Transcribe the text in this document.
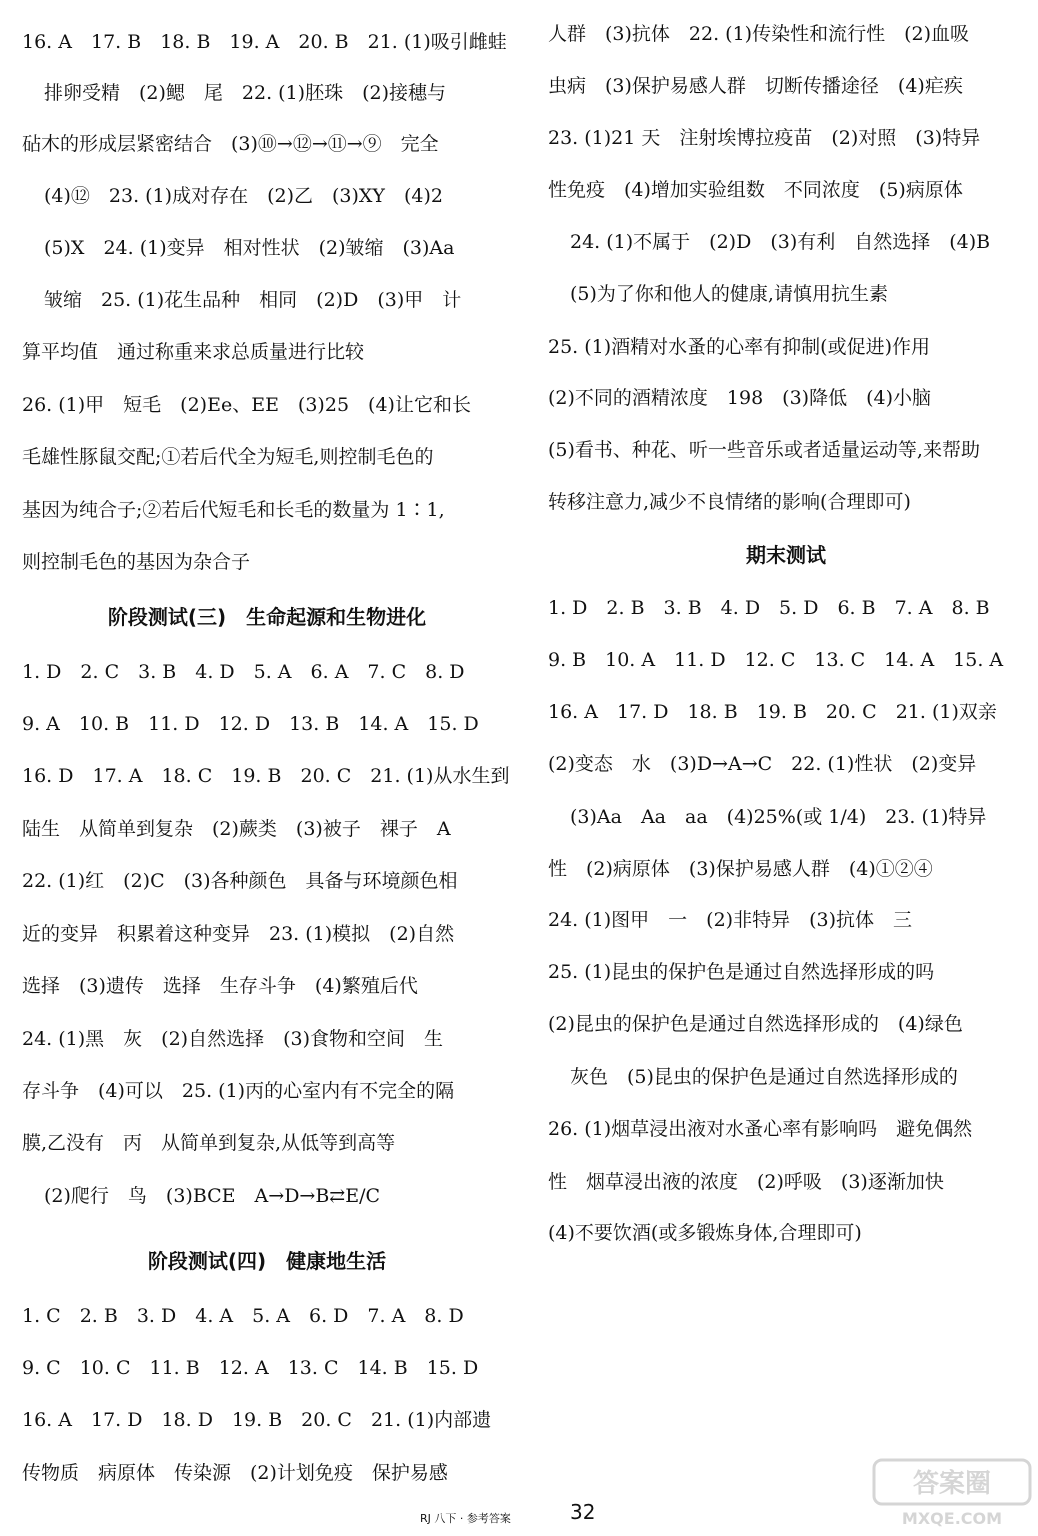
16. A　17. B　18. B　19. A　20. B　21. (1)吸引雌蛙
排卵受精　(2)鳃　尾　22. (1)胚珠　(2)接穗与
砧木的形成层紧密结合　(3)⑩→⑫→⑪→⑨　完全
(4)⑫　23. (1)成对存在　(2)乙　(3)XY　(4)2
(5)X　24. (1)变异　相对性状　(2)皱缩　(3)Aa
皱缩　25. (1)花生品种　相同　(2)D　(3)甲　计
算平均值　通过称重来求总质量进行比较
26. (1)甲　短毛　(2)Ee、EE　(3)25　(4)让它和长
毛雄性豚鼠交配;①若后代全为短毛,则控制毛色的
基因为纯合子;②若后代短毛和长毛的数量为 1∶1,
则控制毛色的基因为杂合子
阶段测试(三)　生命起源和生物进化
1. D　2. C　3. B　4. D　5. A　6. A　7. C　8. D
9. A　10. B　11. D　12. D　13. B　14. A　15. D
16. D　17. A　18. C　19. B　20. C　21. (1)从水生到
陆生　从简单到复杂　(2)蕨类　(3)被子　裸子　A
22. (1)红　(2)C　(3)各种颜色　具备与环境颜色相
近的变异　积累着这种变异　23. (1)模拟　(2)自然
选择　(3)遗传　选择　生存斗争　(4)繁殖后代
24. (1)黑　灰　(2)自然选择　(3)食物和空间　生
存斗争　(4)可以　25. (1)丙的心室内有不完全的隔
膜,乙没有　丙　从简单到复杂,从低等到高等
(2)爬行　鸟　(3)BCE　A→D→B⇄E/C
阶段测试(四)　健康地生活
1. C　2. B　3. D　4. A　5. A　6. D　7. A　8. D
9. C　10. C　11. B　12. A　13. C　14. B　15. D
16. A　17. D　18. D　19. B　20. C　21. (1)内部遗
传物质　病原体　传染源　(2)计划免疫　保护易感
人群　(3)抗体　22. (1)传染性和流行性　(2)血吸
虫病　(3)保护易感人群　切断传播途径　(4)疟疾
23. (1)21 天　注射埃博拉疫苗　(2)对照　(3)特异
性免疫　(4)增加实验组数　不同浓度　(5)病原体
24. (1)不属于　(2)D　(3)有利　自然选择　(4)B
(5)为了你和他人的健康,请慎用抗生素
25. (1)酒精对水蚤的心率有抑制(或促进)作用
(2)不同的酒精浓度　198　(3)降低　(4)小脑
(5)看书、种花、听一些音乐或者适量运动等,来帮助
转移注意力,减少不良情绪的影响(合理即可)
期末测试
1. D　2. B　3. B　4. D　5. D　6. B　7. A　8. B
9. B　10. A　11. D　12. C　13. C　14. A　15. A
16. A　17. D　18. B　19. B　20. C　21. (1)双亲
(2)变态　水　(3)D→A→C　22. (1)性状　(2)变异
(3)Aa　Aa　aa　(4)25%(或 1/4)　23. (1)特异
性　(2)病原体　(3)保护易感人群　(4)①②④
24. (1)图甲　一　(2)非特异　(3)抗体　三
25. (1)昆虫的保护色是通过自然选择形成的吗
(2)昆虫的保护色是通过自然选择形成的　(4)绿色
灰色　(5)昆虫的保护色是通过自然选择形成的
26. (1)烟草浸出液对水蚤心率有影响吗　避免偶然
性　烟草浸出液的浓度　(2)呼吸　(3)逐渐加快
(4)不要饮酒(或多锻炼身体,合理即可)
RJ 八下 · 参考答案	32
答案圈
MXQE.COM
